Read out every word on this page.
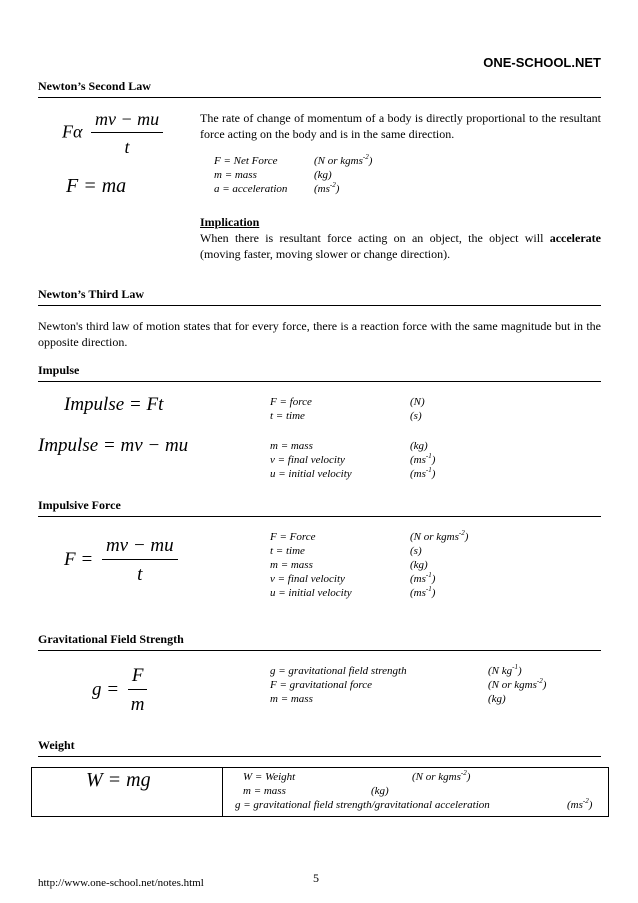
ONE-SCHOOL.NET
Newton’s Second Law
Fα $\frac{mv - mu}{t}$
F = ma
The rate of change of momentum of a body is directly proportional to the resultant force acting on the body and is in the same direction.
F = Net Force	(N or kgms$^{-2}$)
m = mass	(kg)
a = acceleration	$(ms^{-2})$
Implication
When there is resultant force acting on an object, the object will accelerate (moving faster, moving slower or change direction).
Newton’s Third Law
Newton's third law of motion states that for every force, there is a reaction force with the same magnitude but in the opposite direction.
Impulse
Impulse = Ft
Impulse = mv − mu
F = force	(N)
t = time	(s)
m = mass	(kg)
v = final velocity	$(ms^{-1})$
u = initial velocity	$(ms^{-1})$
Impulsive Force
$F = \frac{mv - mu}{t}$	F = Force	(N or kgms$^{-2}$)
t = time	(s)
m = mass	(kg)
v = final velocity	$(ms^{-1})$
u = initial velocity	$(ms^{-1})$
Gravitational Field Strength
$g = \frac{F}{m}$	g = gravitational field strength	(N $kg^{-1}$)
F = gravitational force	(N or kgms$^{-2}$)
m = mass	(kg)
Weight
W = mg	W = Weight	(N or kgms$^{-2}$)
m = mass	(kg)
g = gravitational field strength/gravitational acceleration	$(ms^{-2})$
5
http://www.one-school.net/notes.html
